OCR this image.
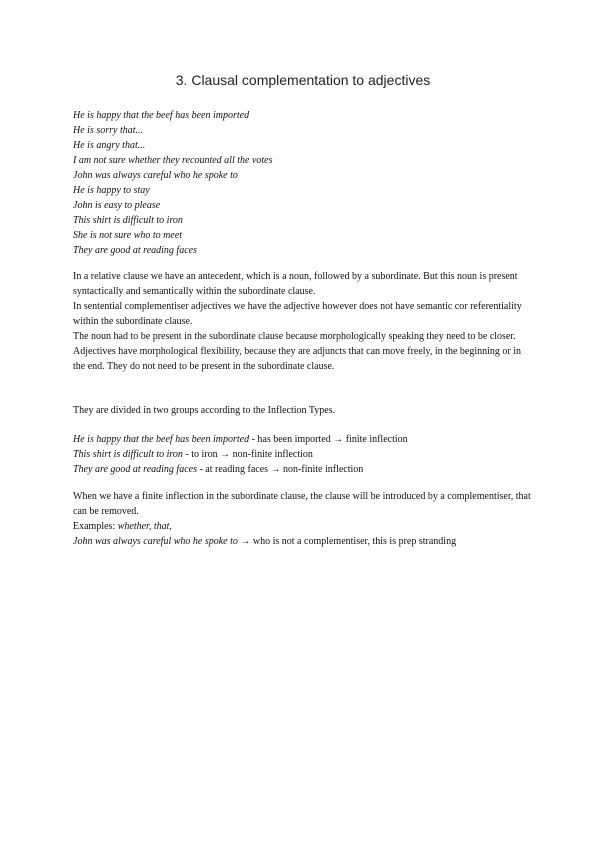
3. Clausal complementation to adjectives
He is happy that the beef has been imported
He is sorry that...
He is angry that...
I am not sure whether they recounted all the votes
John was always careful who he spoke to
He is happy to stay
John is easy to please
This shirt is difficult to iron
She is not sure who to meet
They are good at reading faces
In a relative clause we have an antecedent, which is a noun, followed by a subordinate. But this noun is present syntactically and semantically within the subordinate clause.
In sentential complementiser adjectives we have the adjective however does not have semantic cor referentiality within the subordinate clause.
The noun had to be present in the subordinate clause because morphologically speaking they need to be closer.
Adjectives have morphological flexibility, because they are adjuncts that can move freely, in the beginning or in the end. They do not need to be present in the subordinate clause.
They are divided in two groups according to the Inflection Types.
He is happy that the beef has been imported - has been imported → finite inflection
This shirt is difficult to iron - to iron → non-finite inflection
They are good at reading faces - at reading faces → non-finite inflection
When we have a finite inflection in the subordinate clause, the clause will be introduced by a complementiser, that can be removed.
Examples: whether, that,
John was always careful who he spoke to → who is not a complementiser, this is prep stranding
